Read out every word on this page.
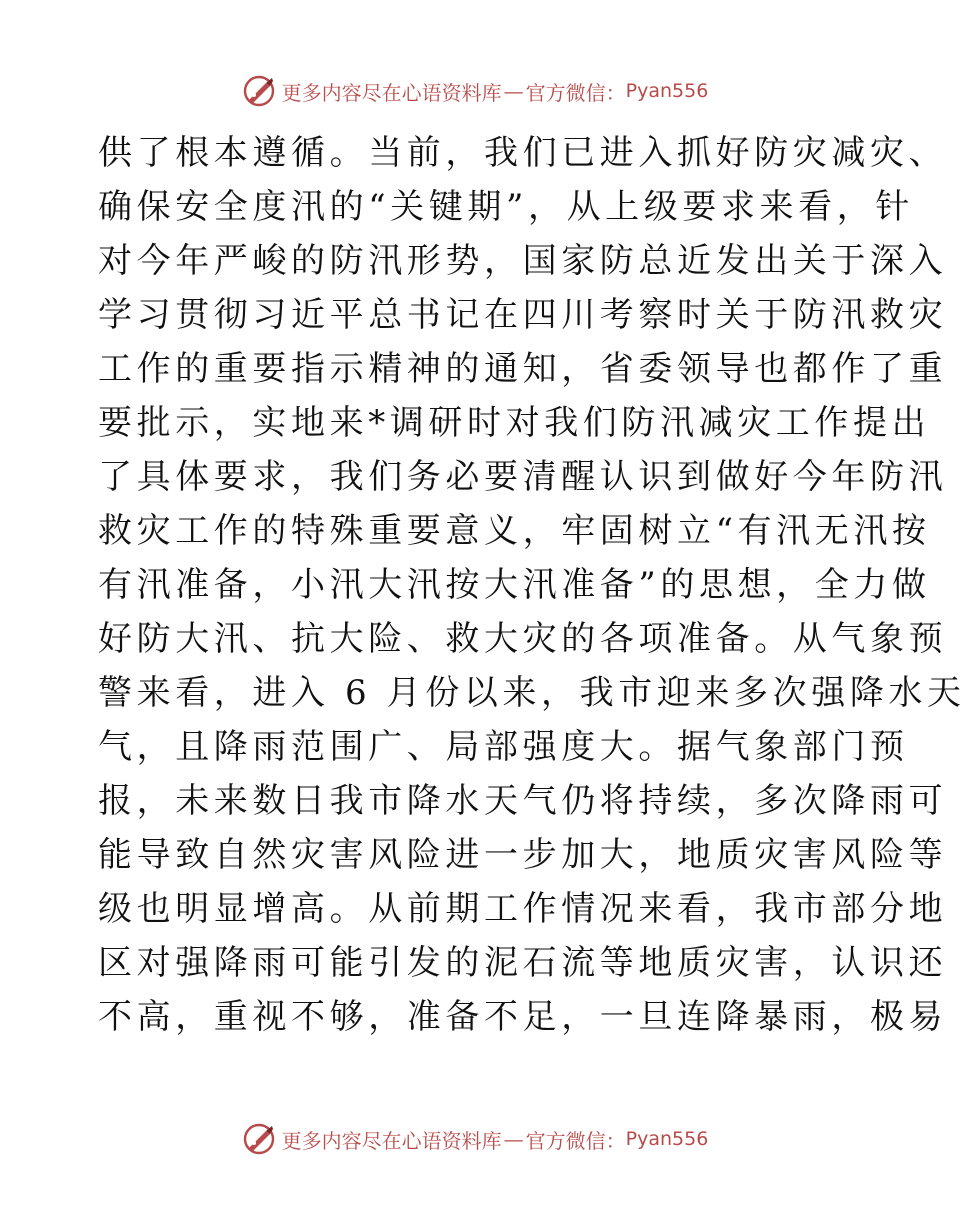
更多内容尽在心语资料库 — 官方微信： Pyan556
供了根本遵循。当前，我们已进入抓好防灾减灾、
确保安全度汛的“关键期”，从上级要求来看，针
对今年严峻的防汛形势，国家防总近发出关于深入
学习贯彻习近平总书记在四川考察时关于防汛救灾
工作的重要指示精神的通知，省委领导也都作了重
要批示，实地来*调研时对我们防汛减灾工作提出
了具体要求，我们务必要清醒认识到做好今年防汛
救灾工作的特殊重要意义，牢固树立“有汛无汛按
有汛准备，小汛大汛按大汛准备”的思想，全力做
好防大汛、抗大险、救大灾的各项准备。从气象预
警来看，进入 6 月份以来，我市迎来多次强降水天
气，且降雨范围广、局部强度大。据气象部门预
报，未来数日我市降水天气仍将持续，多次降雨可
能导致自然灾害风险进一步加大，地质灾害风险等
级也明显增高。从前期工作情况来看，我市部分地
区对强降雨可能引发的泥石流等地质灾害，认识还
不高，重视不够，准备不足，一旦连降暴雨，极易
更多内容尽在心语资料库 — 官方微信： Pyan556
